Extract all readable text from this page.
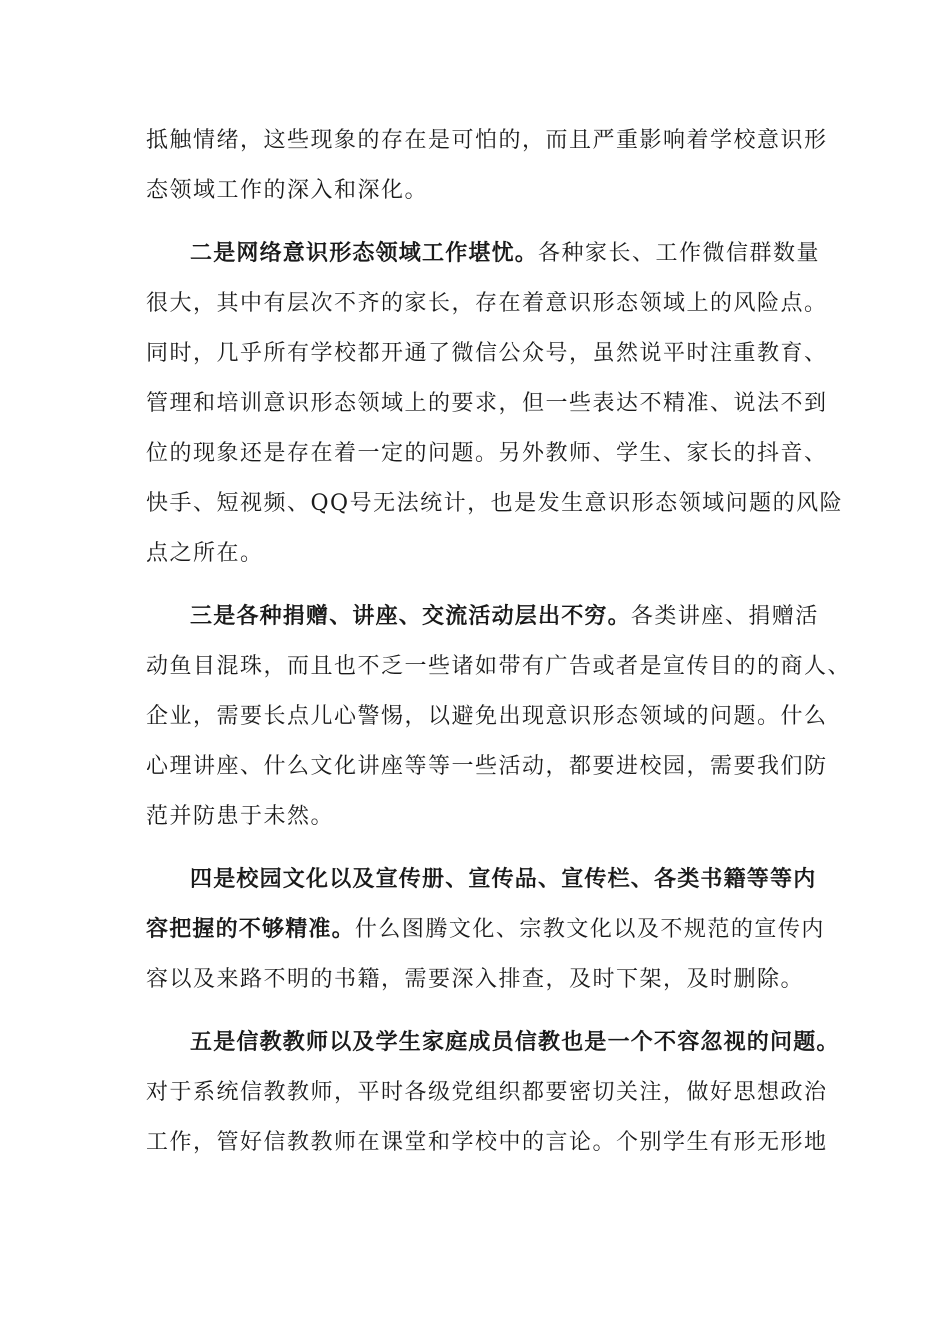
抵触情绪，这些现象的存在是可怕的，而且严重影响着学校意识形
态领域工作的深入和深化。
二是网络意识形态领域工作堪忧。各种家长、工作微信群数量
很大，其中有层次不齐的家长，存在着意识形态领域上的风险点。
同时，几乎所有学校都开通了微信公众号，虽然说平时注重教育、
管理和培训意识形态领域上的要求，但一些表达不精准、说法不到
位的现象还是存在着一定的问题。另外教师、学生、家长的抖音、
快手、短视频、QQ号无法统计，也是发生意识形态领域问题的风险
点之所在。
三是各种捐赠、讲座、交流活动层出不穷。各类讲座、捐赠活
动鱼目混珠，而且也不乏一些诸如带有广告或者是宣传目的的商人、
企业，需要长点儿心警惕，以避免出现意识形态领域的问题。什么
心理讲座、什么文化讲座等等一些活动，都要进校园，需要我们防
范并防患于未然。
四是校园文化以及宣传册、宣传品、宣传栏、各类书籍等等内
容把握的不够精准。什么图腾文化、宗教文化以及不规范的宣传内
容以及来路不明的书籍，需要深入排查，及时下架，及时删除。
五是信教教师以及学生家庭成员信教也是一个不容忽视的问题。
对于系统信教教师，平时各级党组织都要密切关注，做好思想政治
工作，管好信教教师在课堂和学校中的言论。个别学生有形无形地
